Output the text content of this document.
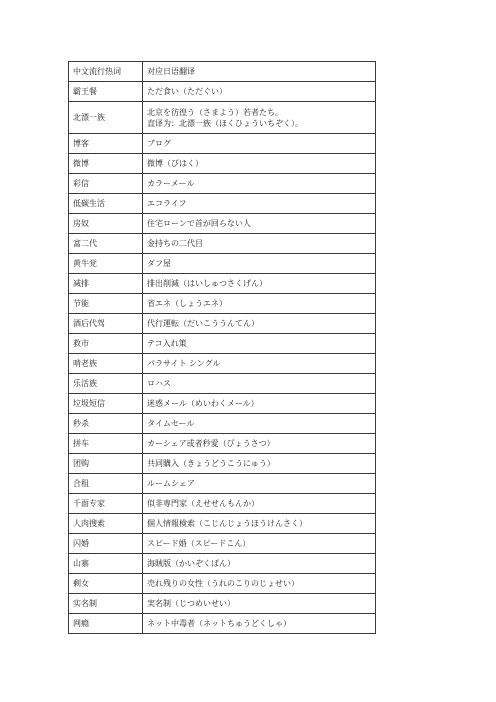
中文流行热词	对应日语翻译
霸王餐	ただ食い（ただぐい）
北漂一族	北京を彷徨う（さまよう）若者たち。
直译为：北漂一族（ほくひょういちぞく）。

博客	ブログ
微博	微博（びはく）
彩信	カラーメール
低碳生活	エコライフ
房奴	住宅ローンで首が回らない人
富二代	金持ちの二代目
黄牛党	ダフ屋
减排	排出削減（はいしゅつさくげん）
节能	省エネ（しょうエネ）
酒后代驾	代行運転（だいこううんてん）
救市	テコ入れ策
啃老族	パラサイト シングル
乐活族	ロハス
垃圾短信	迷惑メール（めいわくメール）
秒杀	タイムセール
拼车	カーシェア或者秒愛（びょうさつ）
团购	共同購入（きょうどうこうにゅう）
合租	ルームシェア
千面专家	似非専門家（えせせんもんか）
人肉搜索	個人情報検索（こじんじょうほうけんさく）
闪婚	スピード婚（スピードこん）
山寨	海賊版（かいぞくばん）
剩女	売れ残りの女性（うれのこりのじょせい）
实名制	実名制（じつめいせい）
网瘾	ネット中毒者（ネットちゅうどくしゃ）
